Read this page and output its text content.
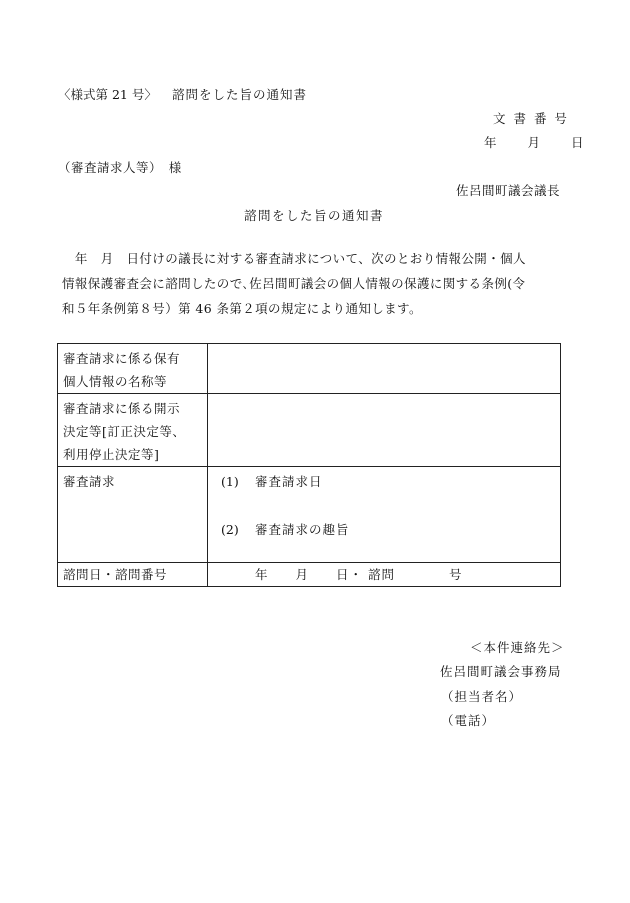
〈様式第 21 号〉 諮問をした旨の通知書
文 書 番 号
年　　月　　日
（審査請求人等）　様
佐呂間町議会議長
諮問をした旨の通知書

　年　月　日付けの議長に対する審査請求について、次のとおり情報公開・個人

情報保護審査会に諮問したので､佐呂間町議会の個人情報の保護に関する条例(令

和５年条例第８号）第 46 条第２項の規定により通知します。

審査請求に係る保有
個人情報の名称等	

審査請求に係る開示
決定等[訂正決定等、
利用停止決定等]	

審査請求	(1) 審査請求日
(2) 審査請求の趣旨

諮問日・諮問番号	年　　月　　日・ 諮問　　　　号
＜本件連絡先＞
佐呂間町議会事務局
（担当者名）
（電話）
